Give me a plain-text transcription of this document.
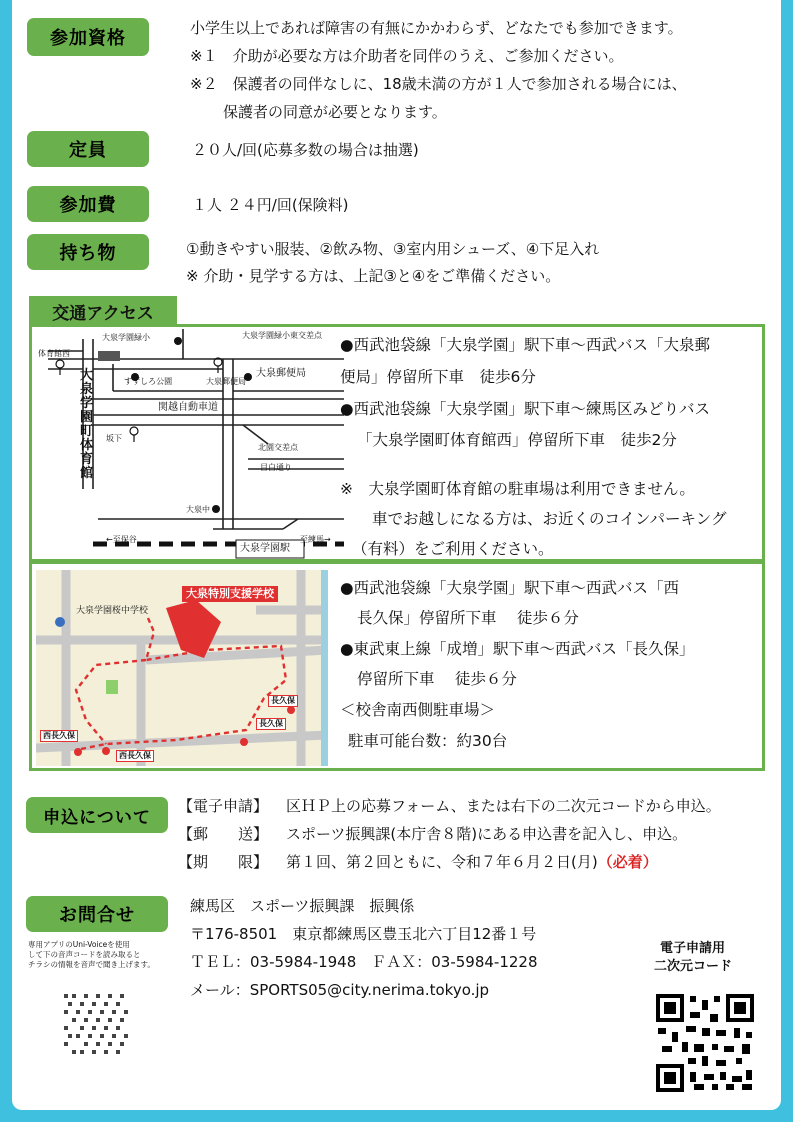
参加資格	小学生以上であれば障害の有無にかかわらず、どなたでも参加できます。
※１　介助が必要な方は介助者を同伴のうえ、ご参加ください。
※２　保護者の同伴なしに、18歳未満の方が１人で参加される場合には、
保護者の同意が必要となります。
定員	２０人/回(応募多数の場合は抽選)
参加費	１人 ２４円/回(保険料)
持ち物	①動きやすい服装、②飲み物、③室内用シューズ、④下足入れ
※ 介助・見学する方は、上記③と④をご準備ください。
交通アクセス
大泉学園緑小	大泉学園緑小東交差点
体育館西
大泉学園町体育館
すずしろ公園	大泉郵便局
大泉郵便局
関越自動車道
坂下
北園交差点
目白通り
大泉中
←至保谷	至練馬→
大泉学園駅
●西武池袋線「大泉学園」駅下車～西武バス「大泉郵
便局」停留所下車　徒歩6分
●西武池袋線「大泉学園」駅下車～練馬区みどりバス
「大泉学園町体育館西」停留所下車　徒歩2分
※　大泉学園町体育館の駐車場は利用できません。
車でお越しになる方は、お近くのコインパーキング
（有料）をご利用ください。
大泉特別支援学校
大泉学園桜中学校
長久保
長久保
西長久保
西長久保
●西武池袋線「大泉学園」駅下車～西武バス「西
長久保」停留所下車　 徒歩６分
●東武東上線「成増」駅下車～西武バス「長久保」
停留所下車　 徒歩６分
＜校舎南西側駐車場＞
駐車可能台数：約30台
申込について
【電子申請】 区ＨＰ上の応募フォーム、または右下の二次元コードから申込。
【郵　　送】 スポーツ振興課(本庁舎８階)にある申込書を記入し、申込。
【期　　限】 第１回、第２回ともに、令和７年６月２日(月)（必着）
お問合せ
専用アプリのUni-Voiceを使用
して下の音声コードを読み取ると
チラシの情報を音声で聞き上げます。
練馬区　スポーツ振興課　振興係
〒176-8501　東京都練馬区豊玉北六丁目12番１号
ＴＥＬ：03-5984-1948　ＦＡＸ：03-5984-1228
メール：SPORTS05@city.nerima.tokyo.jp
電子申請用
二次元コード
